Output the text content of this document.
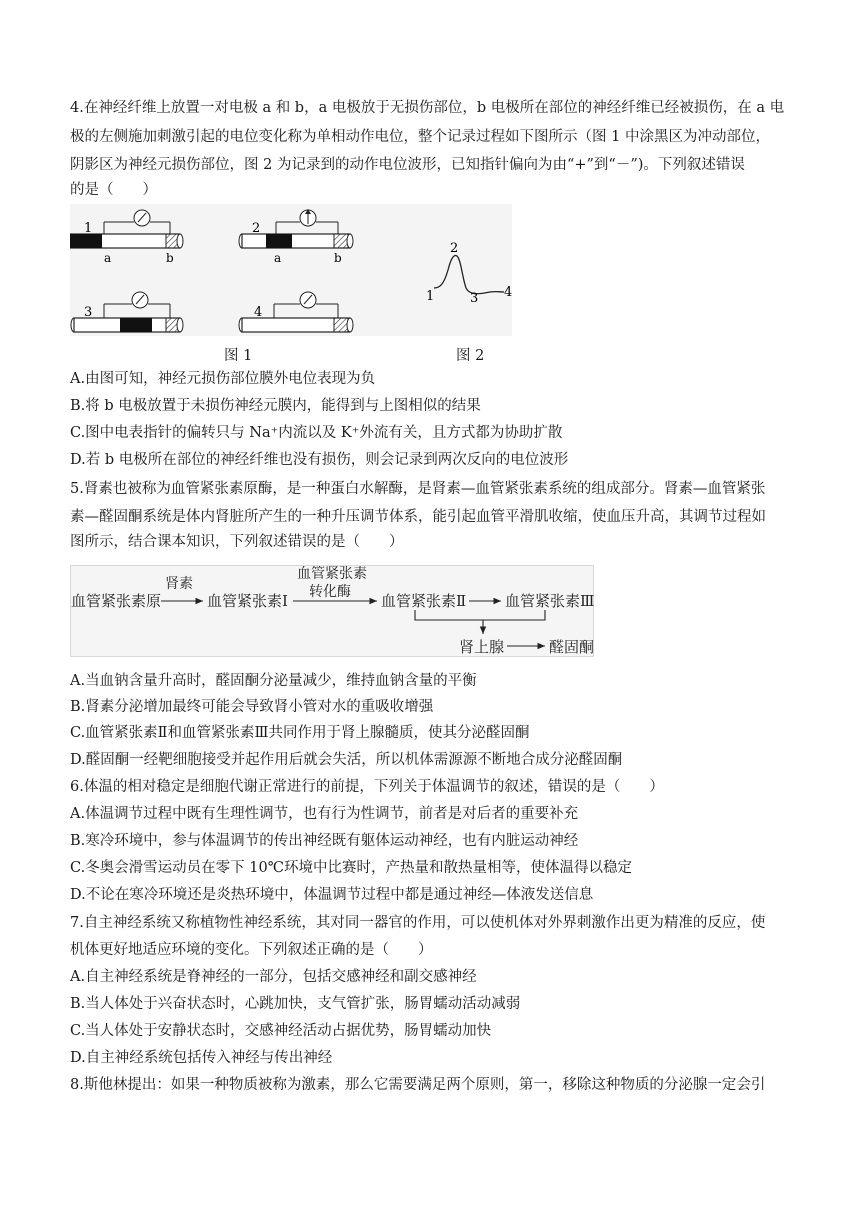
4.在神经纤维上放置一对电极 a 和 b，a 电极放于无损伤部位，b 电极所在部位的神经纤维已经被损伤，在 a 电
极的左侧施加刺激引起的电位变化称为单相动作电位，整个记录过程如下图所示（图 1 中涂黑区为冲动部位，
阴影区为神经元损伤部位，图 2 为记录到的动作电位波形，已知指针偏向为由“+”到“－”)。下列叙述错误
的是（　　）
1
a	b
2
a	b
3	4
1
2
3 4
图 1	图 2
A.由图可知，神经元损伤部位膜外电位表现为负
B.将 b 电极放置于未损伤神经元膜内，能得到与上图相似的结果
C.图中电表指针的偏转只与 Na⁺内流以及 K⁺外流有关，且方式都为协助扩散
D.若 b 电极所在部位的神经纤维也没有损伤，则会记录到两次反向的电位波形
5.肾素也被称为血管紧张素原酶，是一种蛋白水解酶，是肾素—血管紧张素系统的组成部分。肾素—血管紧张
素—醛固酮系统是体内肾脏所产生的一种升压调节体系，能引起血管平滑肌收缩，使血压升高，其调节过程如
图所示，结合课本知识，下列叙述错误的是（　　）
血管紧张素原
肾素
血管紧张素Ⅰ
血管紧张素
转化酶 血管紧张素Ⅱ	血管紧张素Ⅲ
肾上腺	醛固酮
A.当血钠含量升高时，醛固酮分泌量减少，维持血钠含量的平衡
B.肾素分泌增加最终可能会导致肾小管对水的重吸收增强
C.血管紧张素Ⅱ和血管紧张素Ⅲ共同作用于肾上腺髓质，使其分泌醛固酮
D.醛固酮一经靶细胞接受并起作用后就会失活，所以机体需源源不断地合成分泌醛固酮
6.体温的相对稳定是细胞代谢正常进行的前提，下列关于体温调节的叙述，错误的是（　　）
A.体温调节过程中既有生理性调节，也有行为性调节，前者是对后者的重要补充
B.寒冷环境中，参与体温调节的传出神经既有躯体运动神经，也有内脏运动神经
C.冬奥会滑雪运动员在零下 10℃环境中比赛时，产热量和散热量相等，使体温得以稳定
D.不论在寒冷环境还是炎热环境中，体温调节过程中都是通过神经—体液发送信息
7.自主神经系统又称植物性神经系统，其对同一器官的作用，可以使机体对外界刺激作出更为精准的反应，使
机体更好地适应环境的变化。下列叙述正确的是（　　）
A.自主神经系统是脊神经的一部分，包括交感神经和副交感神经
B.当人体处于兴奋状态时，心跳加快，支气管扩张，肠胃蠕动活动减弱
C.当人体处于安静状态时，交感神经活动占据优势，肠胃蠕动加快
D.自主神经系统包括传入神经与传出神经
8.斯他林提出：如果一种物质被称为激素，那么它需要满足两个原则，第一，移除这种物质的分泌腺一定会引
